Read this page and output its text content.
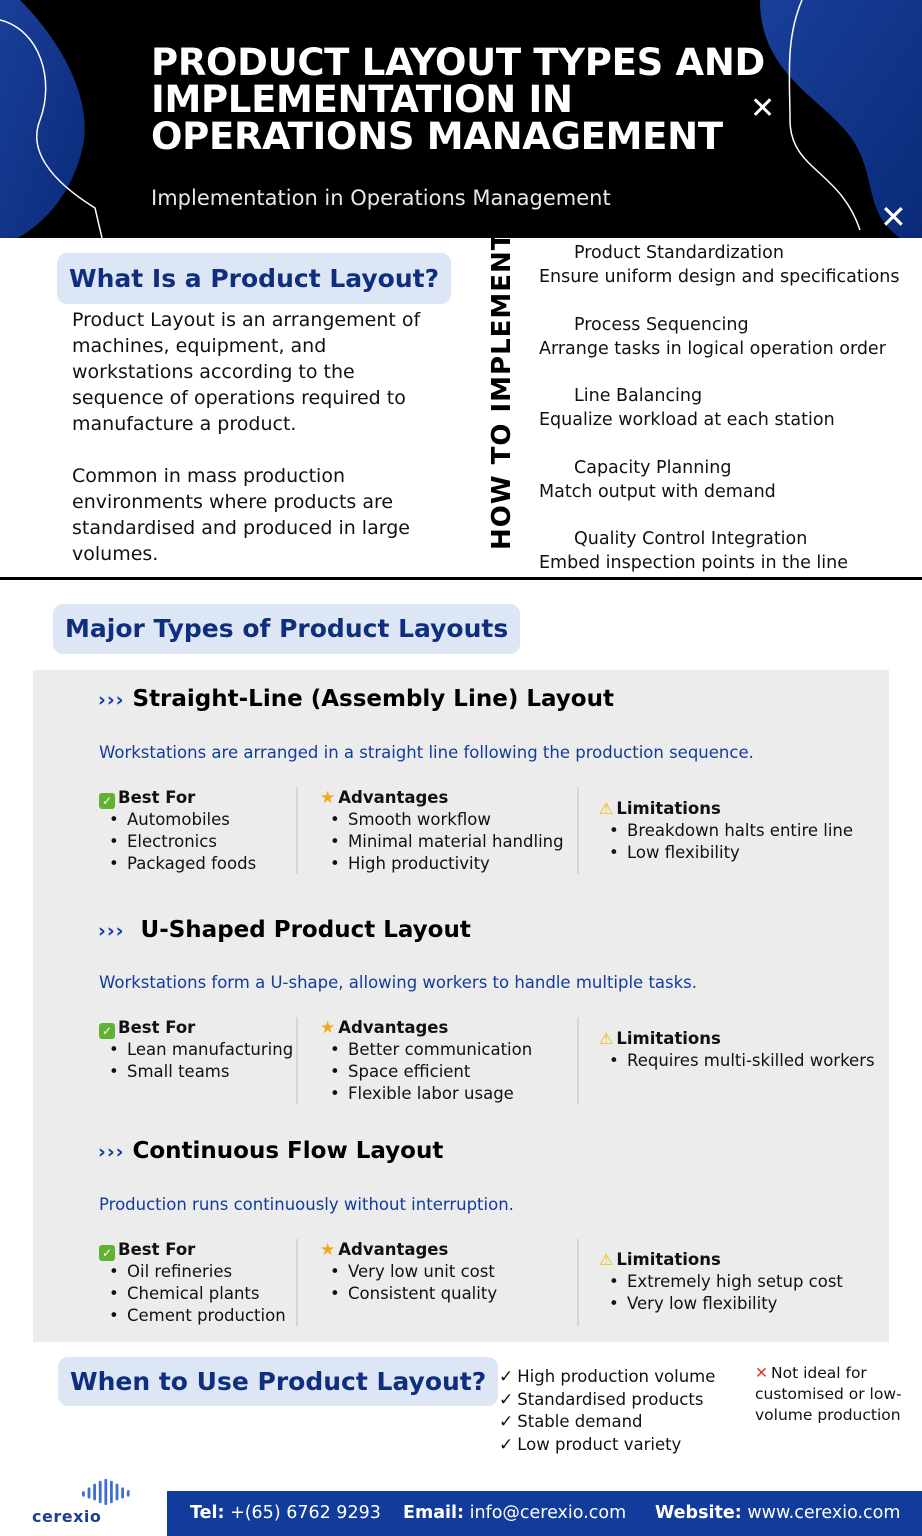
PRODUCT LAYOUT TYPES AND IMPLEMENTATION IN OPERATIONS MANAGEMENT
Implementation in Operations Management
✕
✕
What Is a Product Layout?

Product Layout is an arrangement of machines, equipment, and workstations according to the sequence of operations required to manufacture a product.

Common in mass production environments where products are standardised and produced in large volumes.

HOW TO IMPLEMENT	Product Standardization
Ensure uniform design and specifications
Process Sequencing
Arrange tasks in logical operation order
Line Balancing
Equalize workload at each station
Capacity Planning
Match output with demand
Quality Control Integration
Embed inspection points in the line
Major Types of Product Layouts
››› Straight-Line (Assembly Line) Layout
Workstations are arranged in a straight line following the production sequence.
✓ Best For
• Automobiles
• Electronics
• Packaged foods
★ Advantages
• Smooth workflow
• Minimal material handling
• High productivity
⚠ Limitations
• Breakdown halts entire line
• Low flexibility
››› U-Shaped Product Layout
Workstations form a U-shape, allowing workers to handle multiple tasks.
✓ Best For
• Lean manufacturing
• Small teams
★ Advantages
• Better communication
• Space efficient
• Flexible labor usage
⚠ Limitations
• Requires multi-skilled workers
››› Continuous Flow Layout
Production runs continuously without interruption.
✓ Best For
• Oil refineries
• Chemical plants
• Cement production
★ Advantages
• Very low unit cost
• Consistent quality
⚠ Limitations
• Extremely high setup cost
• Very low flexibility
When to Use Product Layout? ✓ High production volume
✓ Standardised products
✓ Stable demand
✓ Low product variety
✕ Not ideal for customised or low-volume production
cerexio	Tel: +(65) 6762 9293 Email: info@cerexio.com Website: www.cerexio.com
